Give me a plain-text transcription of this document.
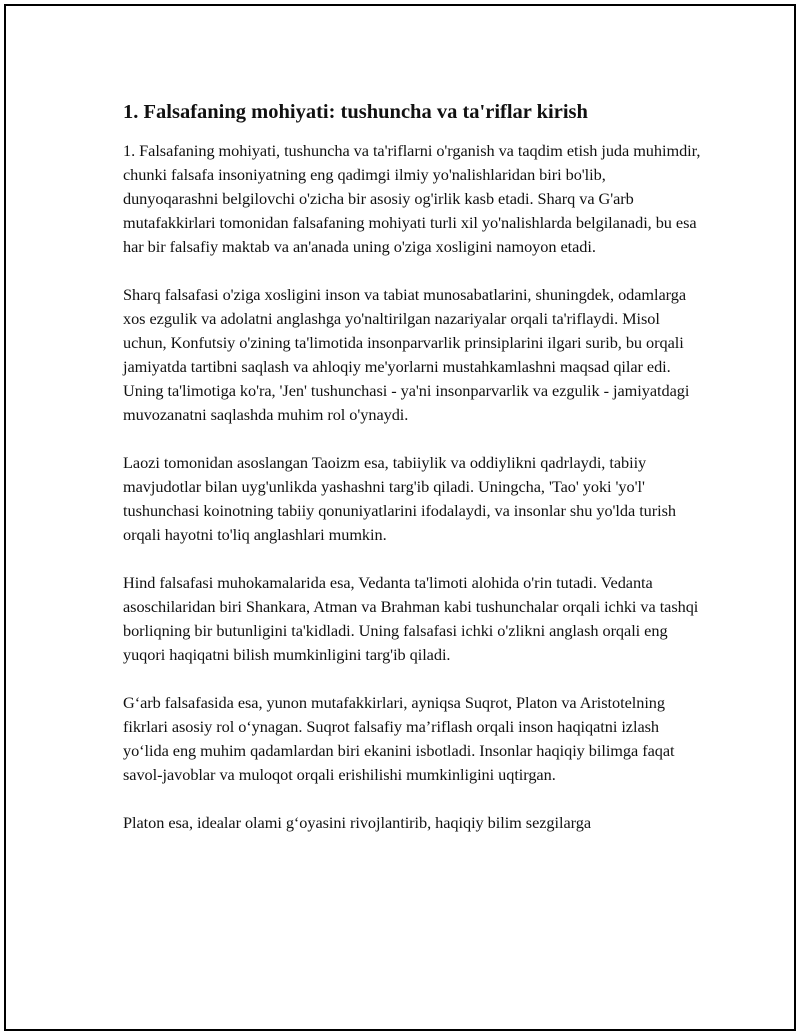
1. Falsafaning mohiyati: tushuncha va ta'riflar kirish

1. Falsafaning mohiyati, tushuncha va ta'riflarni o'rganish va taqdim etish juda muhimdir, chunki falsafa insoniyatning eng qadimgi ilmiy yo'nalishlaridan biri bo'lib, dunyoqarashni belgilovchi o'zicha bir asosiy og'irlik kasb etadi. Sharq va G'arb mutafakkirlari tomonidan falsafaning mohiyati turli xil yo'nalishlarda belgilanadi, bu esa har bir falsafiy maktab va an'anada uning o'ziga xosligini namoyon etadi.

Sharq falsafasi o'ziga xosligini inson va tabiat munosabatlarini, shuningdek, odamlarga xos ezgulik va adolatni anglashga yo'naltirilgan nazariyalar orqali ta'riflaydi. Misol uchun, Konfutsiy o'zining ta'limotida insonparvarlik prinsiplarini ilgari surib, bu orqali jamiyatda tartibni saqlash va ahloqiy me'yorlarni mustahkamlashni maqsad qilar edi. Uning ta'limotiga ko'ra, 'Jen' tushunchasi - ya'ni insonparvarlik va ezgulik - jamiyatdagi muvozanatni saqlashda muhim rol o'ynaydi.

Laozi tomonidan asoslangan Taoizm esa, tabiiylik va oddiylikni qadrlaydi, tabiiy mavjudotlar bilan uyg'unlikda yashashni targ'ib qiladi. Uningcha, 'Tao' yoki 'yo'l' tushunchasi koinotning tabiiy qonuniyatlarini ifodalaydi, va insonlar shu yo'lda turish orqali hayotni to'liq anglashlari mumkin.

Hind falsafasi muhokamalarida esa, Vedanta ta'limoti alohida o'rin tutadi. Vedanta asoschilaridan biri Shankara, Atman va Brahman kabi tushunchalar orqali ichki va tashqi borliqning bir butunligini ta'kidladi. Uning falsafasi ichki o'zlikni anglash orqali eng yuqori haqiqatni bilish mumkinligini targ'ib qiladi.

G‘arb falsafasida esa, yunon mutafakkirlari, ayniqsa Suqrot, Platon va Aristotelning fikrlari asosiy rol o‘ynagan. Suqrot falsafiy ma’riflash orqali inson haqiqatni izlash yo‘lida eng muhim qadamlardan biri ekanini isbotladi. Insonlar haqiqiy bilimga faqat savol-javoblar va muloqot orqali erishilishi mumkinligini uqtirgan.

Platon esa, idealar olami g‘oyasini rivojlantirib, haqiqiy bilim sezgilarga
